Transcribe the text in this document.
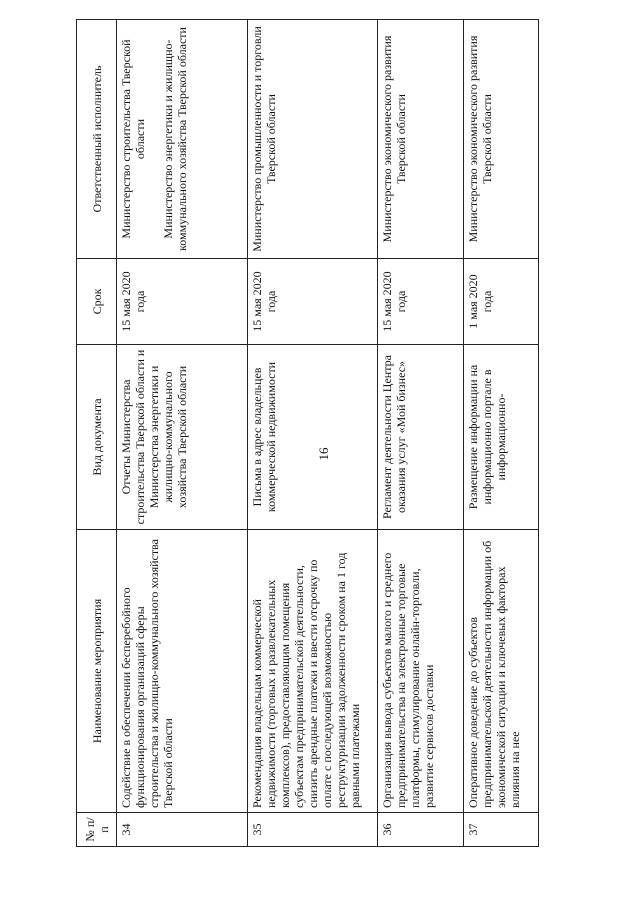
16
№ п/п	Наименование мероприятия	Вид документа	Срок	Ответственный исполнитель
34	Содействие в обеспечении бесперебойного функционирования организаций сферы строительства и жилищно-коммунального хозяйства Тверской области	Отчеты Министерства строительства Тверской области и Министерства энергетики и жилищно-коммунального хозяйства Тверской области	15 мая 2020 года	Министерство строительства Тверской области Министерство энергетики и жилищно-коммунального хозяйства Тверской области

35	Рекомендация владельцам коммерческой недвижимости (торговых и развлекательных комплексов), предоставляющим помещения субъектам предпринимательской деятельности, снизить арендные платежи и ввести отсрочку по оплате с последующей возможностью реструктуризации задолженности сроком на 1 год равными платежами	Письма в адрес владельцев коммерческой недвижимости	15 мая 2020 года	Министерство промышленности и торговли Тверской области

36	Организация вывода субъектов малого и среднего предпринимательства на электронные торговые платформы, стимулирование онлайн-торговли, развитие сервисов доставки	Регламент деятельности Центра оказания услуг «Мой бизнес»	15 мая 2020 года	Министерство экономического развития Тверской области

37	Оперативное доведение до субъектов предпринимательской деятельности информации об экономической ситуации и ключевых факторах влияния на нее	Размещение информации на информационно портале в информационно-	1 мая 2020 года	Министерство экономического развития Тверской области
